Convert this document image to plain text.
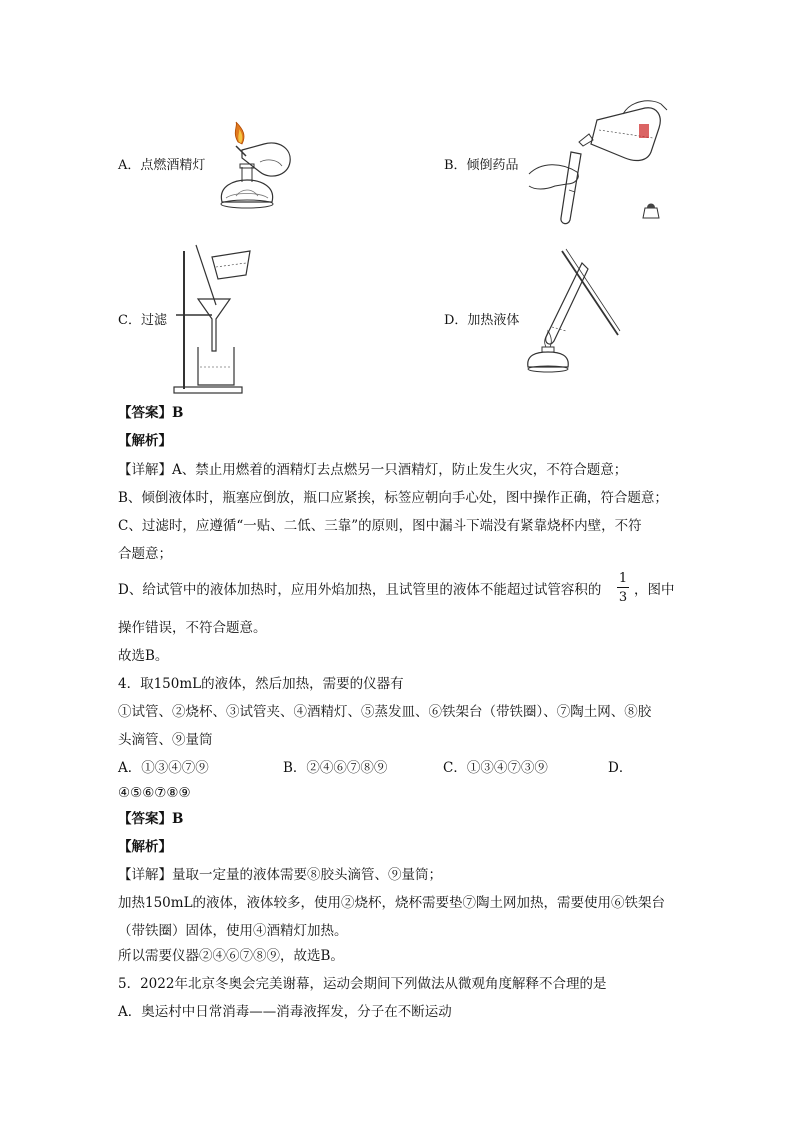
A．点燃酒精灯	B．倾倒药品
C．过滤	D．加热液体
【答案】B
【解析】
【详解】A、禁止用燃着的酒精灯去点燃另一只酒精灯，防止发生火灾，不符合题意；
B、倾倒液体时，瓶塞应倒放，瓶口应紧挨，标签应朝向手心处，图中操作正确，符合题意；
C、过滤时，应遵循“一贴、二低、三靠”的原则，图中漏斗下端没有紧靠烧杯内壁，不符
合题意；
D、给试管中的液体加热时，应用外焰加热，且试管里的液体不能超过试管容积的
1
3 ，图中
操作错误，不符合题意。
故选B。
4．取150mL的液体，然后加热，需要的仪器有
①试管、②烧杯、③试管夹、④酒精灯、⑤蒸发皿、⑥铁架台（带铁圈）、⑦陶土网、⑧胶
头滴管、⑨量筒
A．①③④⑦⑨	B．②④⑥⑦⑧⑨	C．①③④⑦③⑨	D．
④⑤⑥⑦⑧⑨
【答案】B
【解析】
【详解】量取一定量的液体需要⑧胶头滴管、⑨量筒；
加热150mL的液体，液体较多，使用②烧杯，烧杯需要垫⑦陶土网加热，需要使用⑥铁架台
（带铁圈）固体，使用④酒精灯加热。
所以需要仪器②④⑥⑦⑧⑨，故选B。
5．2022年北京冬奥会完美谢幕，运动会期间下列做法从微观角度解释不合理的是
A．奥运村中日常消毒——消毒液挥发，分子在不断运动
